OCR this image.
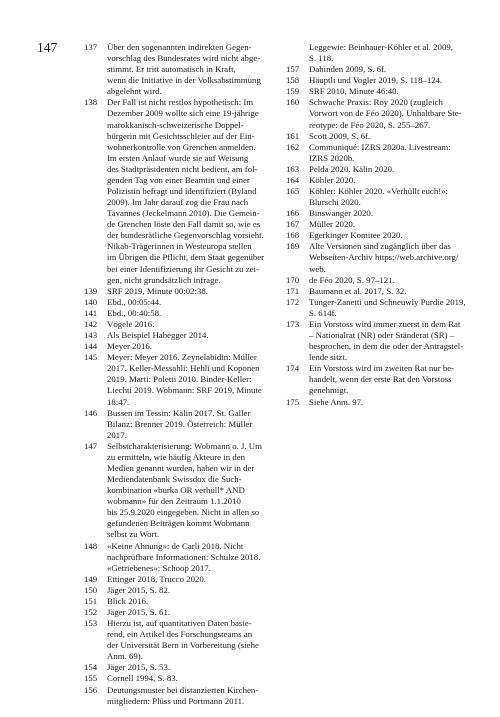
147	137	Über den sogenannten indirekten Gegen-
vorschlag des Bundesrates wird nicht abge-
stimmt. Er tritt automatisch in Kraft,
wenn die Initiative in der Volksabstimmung
abgelehnt wird.
138	Der Fall ist nicht restlos hypothetisch: Im
Dezember 2009 wollte sich eine 19-jährige
marokkanisch-schweizerische Doppel-
bürgerin mit Gesichtsschleier auf der Ein-
wohnerkontrolle von Grenchen anmelden.
Im ersten Anlauf wurde sie auf Weisung
des Stadtpräsidenten nicht bedient, am fol-
genden Tag von einer Beamtin und einer
Polizistin befragt und identifiziert (Byland
2009). Im Jahr darauf zog die Frau nach
Tavannes (Jeckelmann 2010). Die Gemein-
de Grenchen löste den Fall damit so, wie es
der bundesrätliche Gegenvorschlag vorsieht.
Nikab-Trägerinnen in Westeuropa stellen
im Übrigen die Pflicht, dem Staat gegenüber
bei einer Identifizierung ihr Gesicht zu zei-
gen, nicht grundsätzlich infrage.
139	SRF 2019, Minute 00:02:38.
140	Ebd., 00:05:44.
141	Ebd., 00:40:58.
142	Vögele 2016.
143	Als Beispiel Habegger 2014.
144	Meyer 2016.
145	Meyer: Meyer 2016. Zeynelabidin: Müller
2017. Keller-Messahli: Hehli und Koponen
2019. Marti: Poletti 2010. Binder-Keller:
Liechti 2019. Wobmann: SRF 2019, Minute
18:47.
146	Bussen im Tessin: Kälin 2017. St. Galler
Bilanz: Brenner 2019. Österreich: Müller
2017.
147	Selbstcharakterisierung: Wobmann o. J. Um
zu ermitteln, wie häufig Akteure in den
Medien genannt wurden, haben wir in der
Mediendatenbank Swissdox die Such-
kombination «burka OR verhüll* AND
wobmann» für den Zeitraum 1.1.2010
bis 25.9.2020 eingegeben. Nicht in allen so
gefundenen Beiträgen kommt Wobmann
selbst zu Wort.
148	«Keine Ahnung»: de Carli 2018. Nicht
nachprüfbare Informationen: Schulze 2018.
«Getriebenes»: Schoop 2017.
149	Ettinger 2018, Trucco 2020.
150	Jäger 2015, S. 82.
151	Blick 2016.
152	Jäger 2015, S. 61.
153	Hierzu ist, auf quantitativen Daten basie-
rend, ein Artikel des Forschungsteams an
der Universität Bern in Vorbereitung (siehe
Anm. 69).
154	Jäger 2015, S. 53.
155	Cornell 1994, S. 83.
156	Deutungsmuster bei distanzierten Kirchen-
mitgliedern: Plüss und Portmann 2011.
Leggewie: Beinhauer-Köhler et al. 2009,
S. 118.
157	Dahinden 2009, S. 6f.
158	Häuptli und Vogler 2019, S. 118–124.
159	SRF 2010, Minute 46:40.
160	Schwache Praxis: Roy 2020 (zugleich
Vorwort von de Féo 2020). Unhaltbare Ste-
reotype: de Féo 2020, S. 255–267.
161	Scott 2009, S. 6f.
162	Communiqué: IZRS 2020a. Livestream:
IZRS 2020b.
163	Pelda 2020. Kälin 2020.
164	Köhler 2020.
165	Köhler: Köhler 2020. «Verhüllt euch!»:
Blurschi 2020.
166	Binswanger 2020.
167	Müller 2020.
168	Egerkinger Komitee 2020.
169	Alte Versionen sind zugänglich über das
Webseiten-Archiv https://web.archive.org/
web.
170	de Féo 2020, S. 97–121.
171	Baumann et al. 2017, S. 32.
172	Tunger-Zanetti und Schneuwly Purdie 2019,
S. 614f.
173	Ein Vorstoss wird immer zuerst in dem Rat
– Nationalrat (NR) oder Ständerat (SR) –
besprochen, in dem die oder der Antragstel-
lende sitzt.
174	Ein Vorstoss wird im zweiten Rat nur be-
handelt, wenn der erste Rat den Vorstoss
genehmigt.
175	Siehe Anm. 97.
